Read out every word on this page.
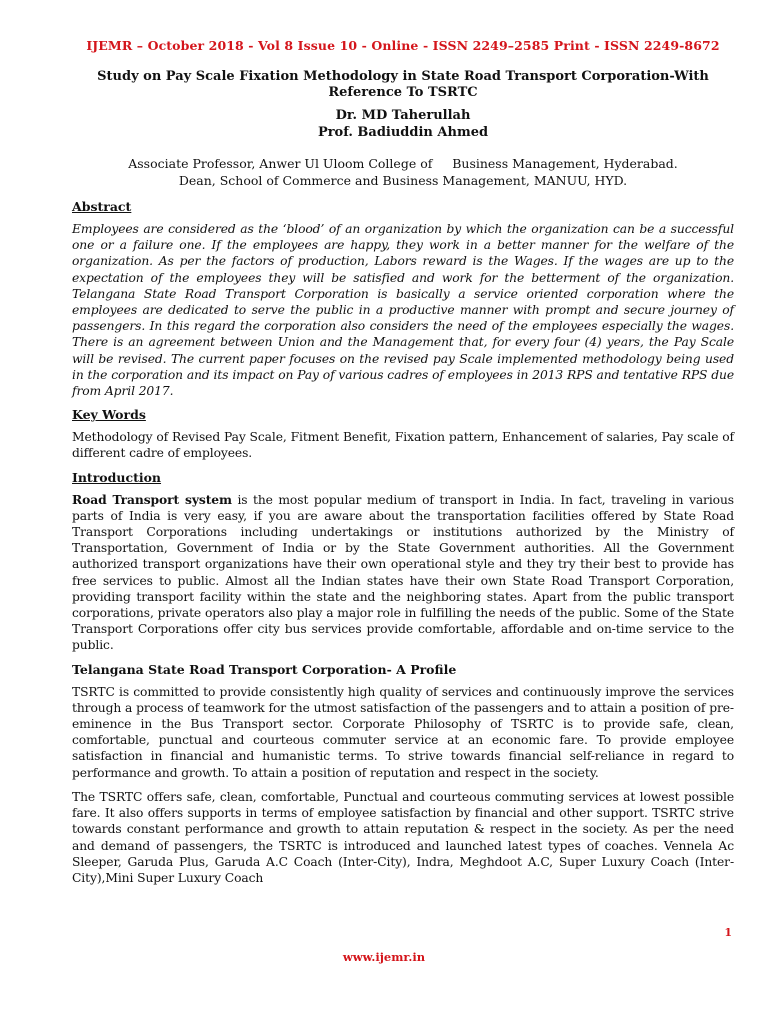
IJEMR – October 2018 - Vol 8 Issue 10 - Online - ISSN 2249–2585 Print - ISSN 2249-8672
Study on Pay Scale Fixation Methodology in State Road Transport Corporation-With Reference To TSRTC
Dr. MD Taherullah
Prof. Badiuddin Ahmed
Associate Professor, Anwer Ul Uloom College of     Business Management, Hyderabad.
Dean, School of Commerce and Business Management, MANUU, HYD.
Abstract

Employees are considered as the ‘blood’ of an organization by which the organization can be a successful one or a failure one. If the employees are happy, they work in a better manner for the welfare of the organization. As per the factors of production, Labors reward is the Wages. If the wages are up to the expectation of the employees they will be satisfied and work for the betterment of the organization. Telangana State Road Transport Corporation is basically a service oriented corporation where the employees are dedicated to serve the public in a productive manner with prompt and secure journey of passengers. In this regard the corporation also considers the need of the employees especially the wages. There is an agreement between Union and the Management that, for every four (4) years, the Pay Scale will be revised. The current paper focuses on the revised pay Scale implemented methodology being used in the corporation and its impact on Pay of various cadres of employees in 2013 RPS and tentative RPS due from April 2017.

Key Words

Methodology of Revised Pay Scale, Fitment Benefit, Fixation pattern, Enhancement of salaries, Pay scale of different cadre of employees.

Introduction

Road Transport system is the most popular medium of transport in India. In fact, traveling in various parts of India is very easy, if you are aware about the transportation facilities offered by State Road Transport Corporations including undertakings or institutions authorized by the Ministry of Transportation, Government of India or by the State Government authorities. All the Government authorized transport organizations have their own operational style and they try their best to provide has free services to public. Almost all the Indian states have their own State Road Transport Corporation, providing transport facility within the state and the neighboring states. Apart from the public transport corporations, private operators also play a major role in fulfilling the needs of the public. Some of the State Transport Corporations offer city bus services provide comfortable, affordable and on-time service to the public.

Telangana State Road Transport Corporation- A Profile

TSRTC is committed to provide consistently high quality of services and continuously improve the services through a process of teamwork for the utmost satisfaction of the passengers and to attain a position of pre-eminence in the Bus Transport sector. Corporate Philosophy of TSRTC is to provide safe, clean, comfortable, punctual and courteous commuter service at an economic fare. To provide employee satisfaction in financial and humanistic terms. To strive towards financial self-reliance in regard to performance and growth. To attain a position of reputation and respect in the society.

The TSRTC offers safe, clean, comfortable, Punctual and courteous commuting services at lowest possible fare. It also offers supports in terms of employee satisfaction by financial and other support. TSRTC strive towards constant performance and growth to attain reputation & respect in the society. As per the need and demand of passengers, the TSRTC is introduced and launched latest types of coaches. Vennela Ac Sleeper, Garuda Plus, Garuda A.C Coach (Inter-City), Indra, Meghdoot A.C, Super Luxury Coach (Inter-City),Mini Super Luxury Coach

1
www.ijemr.in
